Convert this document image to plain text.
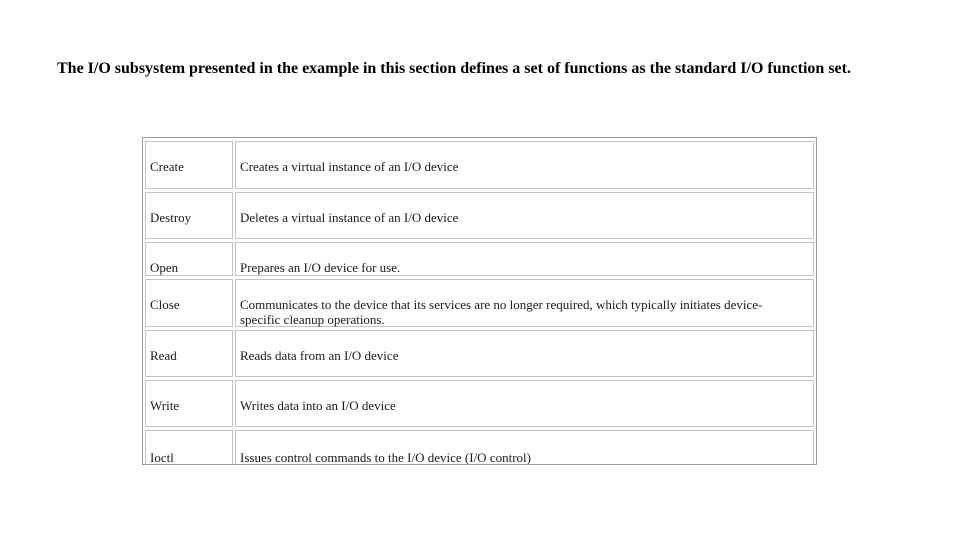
The I/O subsystem presented in the example in this section defines a set of functions as the standard I/O function set.

Create	Creates a virtual instance of an I/O device
Destroy	Deletes a virtual instance of an I/O device
Open	Prepares an I/O device for use.
Close	Communicates to the device that its services are no longer required, which typically initiates device-specific cleanup operations.
Read	Reads data from an I/O device
Write	Writes data into an I/O device
Ioctl	Issues control commands to the I/O device (I/O control)
